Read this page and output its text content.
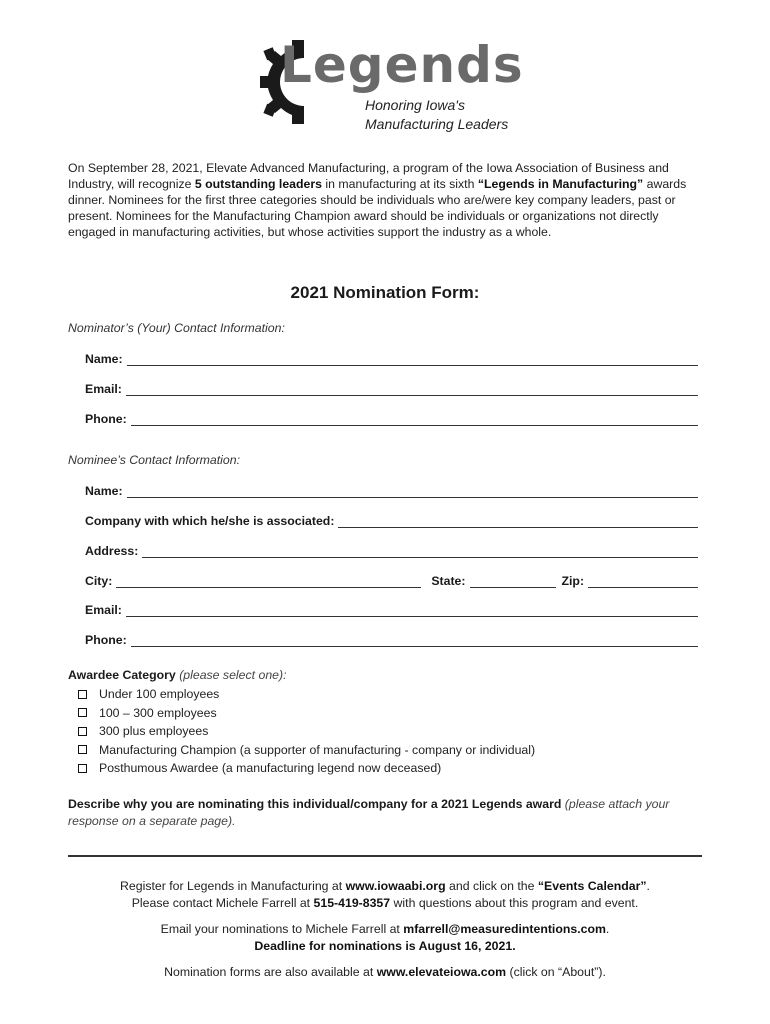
Legends
Honoring Iowa's
Manufacturing Leaders
On September 28, 2021, Elevate Advanced Manufacturing, a program of the Iowa Association of Business and Industry, will recognize 5 outstanding leaders in manufacturing at its sixth “Legends in Manufacturing” awards dinner. Nominees for the first three categories should be individuals who are/were key company leaders, past or present. Nominees for the Manufacturing Champion award should be individuals or organizations not directly engaged in manufacturing activities, but whose activities support the industry as a whole.
2021 Nomination Form:
Nominator’s (Your) Contact Information:
Name:
Email:
Phone:
Nominee’s Contact Information:
Name:
Company with which he/she is associated:
Address:
City:	State:	Zip:
Email:
Phone:
Awardee Category (please select one):
Under 100 employees
100 – 300 employees
300 plus employees
Manufacturing Champion (a supporter of manufacturing - company or individual)
Posthumous Awardee (a manufacturing legend now deceased)
Describe why you are nominating this individual/company for a 2021 Legends award (please attach your response on a separate page).
Register for Legends in Manufacturing at www.iowaabi.org and click on the “Events Calendar”.
Please contact Michele Farrell at 515-419-8357 with questions about this program and event.
Email your nominations to Michele Farrell at mfarrell@measuredintentions.com.
Deadline for nominations is August 16, 2021.
Nomination forms are also available at www.elevateiowa.com (click on “About”).
